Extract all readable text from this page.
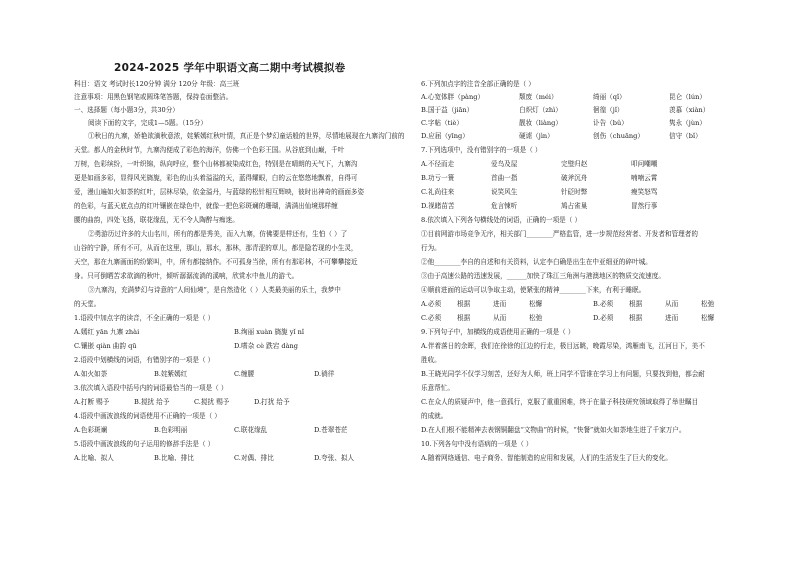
2024-2025 学年中职语文高二期中考试模拟卷
科目：语文 考试时长120分钟 满分 120分 年级：高三班
注意事项：用黑色钢笔或圆珠笔答题，保持卷面整洁。
一、选择题（每小题3分，共30分）
阅读下面的文字，完成1—5题。（15分）
①秋日的九寨，娇艳欲滴秋意浓，姹紫嫣红秋叶情，真正是个梦幻童话般的世界，尽情地展现在九寨沟门前的
天堂。都人的金秋时节，九寨沟便成了彩色的海洋，仿佛一个色彩王国。从谷底到山巅，千叶
万树，色彩缤纷，一叶织锦，纵向呼应，整个山林都被染成红色，特别是在晴朗的天气下，九寨沟
更是如画多彩，显得风光旖旎，彩色的山头着溢溢的天，蓝得耀眼，白的云在悠悠地飘着，自得可
爱，漫山遍如火如荼的红叶，层林尽染，依金溢丹，与蓝绿的松针相互辉映，彼时出神奇的画面多姿
的色彩，与蓝天底点点的红叶镶嵌在绿色中，就像一把色彩斑斓的珊瑚，满满出仙境那样缠
腰的曲韵，四处飞扬，联花缘乱，无不令人陶醉与痴迷。
②勇游历过许多的大山名川，所有的都是秀美，而入九寨，仿佛要是样还有，生怕（ ）了
山谷的宁静，所有不可，从而在这里，那山，那水，那林，那青涩的草儿，都是隐若现的小生灵，
天空，那在九寨画面的纷繁叫，中，所有都接纳作。不可孤身当徐，所有有那彩林，不可攀攀接近
身。只可倒晒苦求欲滴的秋叶，倾听潺潺流淌的溪响，欣赏水中鱼儿的游弋。
③九寨沟，充满梦幻与诗意的“人间仙境”，是自然造化（ ）人类最美丽的乐土，我梦中
的天堂。
1.语段中加点字的读音，不全正确的一项是（ ）
A.嫣红 yān 九寨 zhài	B.绚丽 xuàn 旖旎 yǐ nǐ
C.镶嵌 qiàn 曲韵 qū	D.嗜杂 cè 跌宕 dàng
2.语段中划横线的词语，有错别字的一项是（ ）
A.如火如荼	B.姹紫嫣红	C.缠腰	D.徜徉
3.依次填入语段中括号内的词语最恰当的一项是（ ）
A.打断 赐予	B.搅扰 给予	C.搅扰 赐予	D.打扰 给予
4.语段中画波浪线的词语使用不正确的一项是（ ）
A.色彩斑斓	B.色彩明丽	C.联花缘乱	D.苍翠苍茫
5.语段中画波浪线的句子运用的修辞手法是（ ）
A.比喻、拟人	B.比喻、排比	C.对偶、排比	D.夸张、拟人
6.下列加点字的注音全部正确的是（ ）
A.心宽体胖（pàng）	颓废（méi）	绮丽（qǐ）	昆仑（lún）
B.国于益（jiān）	白炽灯（zhì）	徊徨（jǐ）	羡慕（xiàn）
C.字帖（tiè）	靓妆（liàng）	讣告（bǔ）	隽永（jùn）
D.应届（yīng）	硬谑（jìn）	创伤（chuāng）	信守（bǐ）
7.下列选项中，没有错别字的一项是（ ）
A.不径而走	爱鸟及屋	完璧归赵	叩问嘲嘲
B.功亏一篑	首曲一指	破斧沉舟	喃喃云霄
C.礼尚往来	说笑风生	针砭时弊	瘦笑怒骂
D.视睹苗苦	危言悚听	鸠占雀巢	冒然行事
8.依次填入下列各句横线处的词语，正确的一项是（ ）
①目前网游市场竞争无序，相关部门________严格监管，进一步规范经营者、开发者和管理者的
行为。
②他________李自的自述和有关资料，认定李白确是出生在中亚细亚的碎叶城。
③由于高速公路的迅速发展，______加快了珠江三角洲与港澳地区的物质交流速度。
④顺前进面的运动可以争取主动，使紧张的精神________下来，有利于睡眠。
A.必须 根据	进而	松懈	B.必须 根据	从而	松弛
C.必须 根据	从而	松弛	D.必须 根据	进而	松懈
9.下列句子中，加横线的成语使用正确的一项是（ ）
A.伴着落日的余晖，我们在徐徐的江边的行走，极目远眺，晚霞尽染，鸿雁南飞，江河日下，美不
胜收。
B.王晓光同学不仅学习刻苦，还好为人师，班上同学不管谁在学习上有问题，只要找到他，都会耐
乐意帮忙。
C.在众人的质疑声中，他一意孤行，克服了重重困难，终于在量子科技研究领域取得了举世瞩目
的成就。
D.在人们根不能精神去表钢铜翻盘“文物曲”的时候，“快餐”就如火如荼地生进了千家万户。
10.下列各句中没有语病的一项是（ ）
A.随着网络通信、电子商务、智能制造的应用和发展，人们的生活发生了巨大的变化。
